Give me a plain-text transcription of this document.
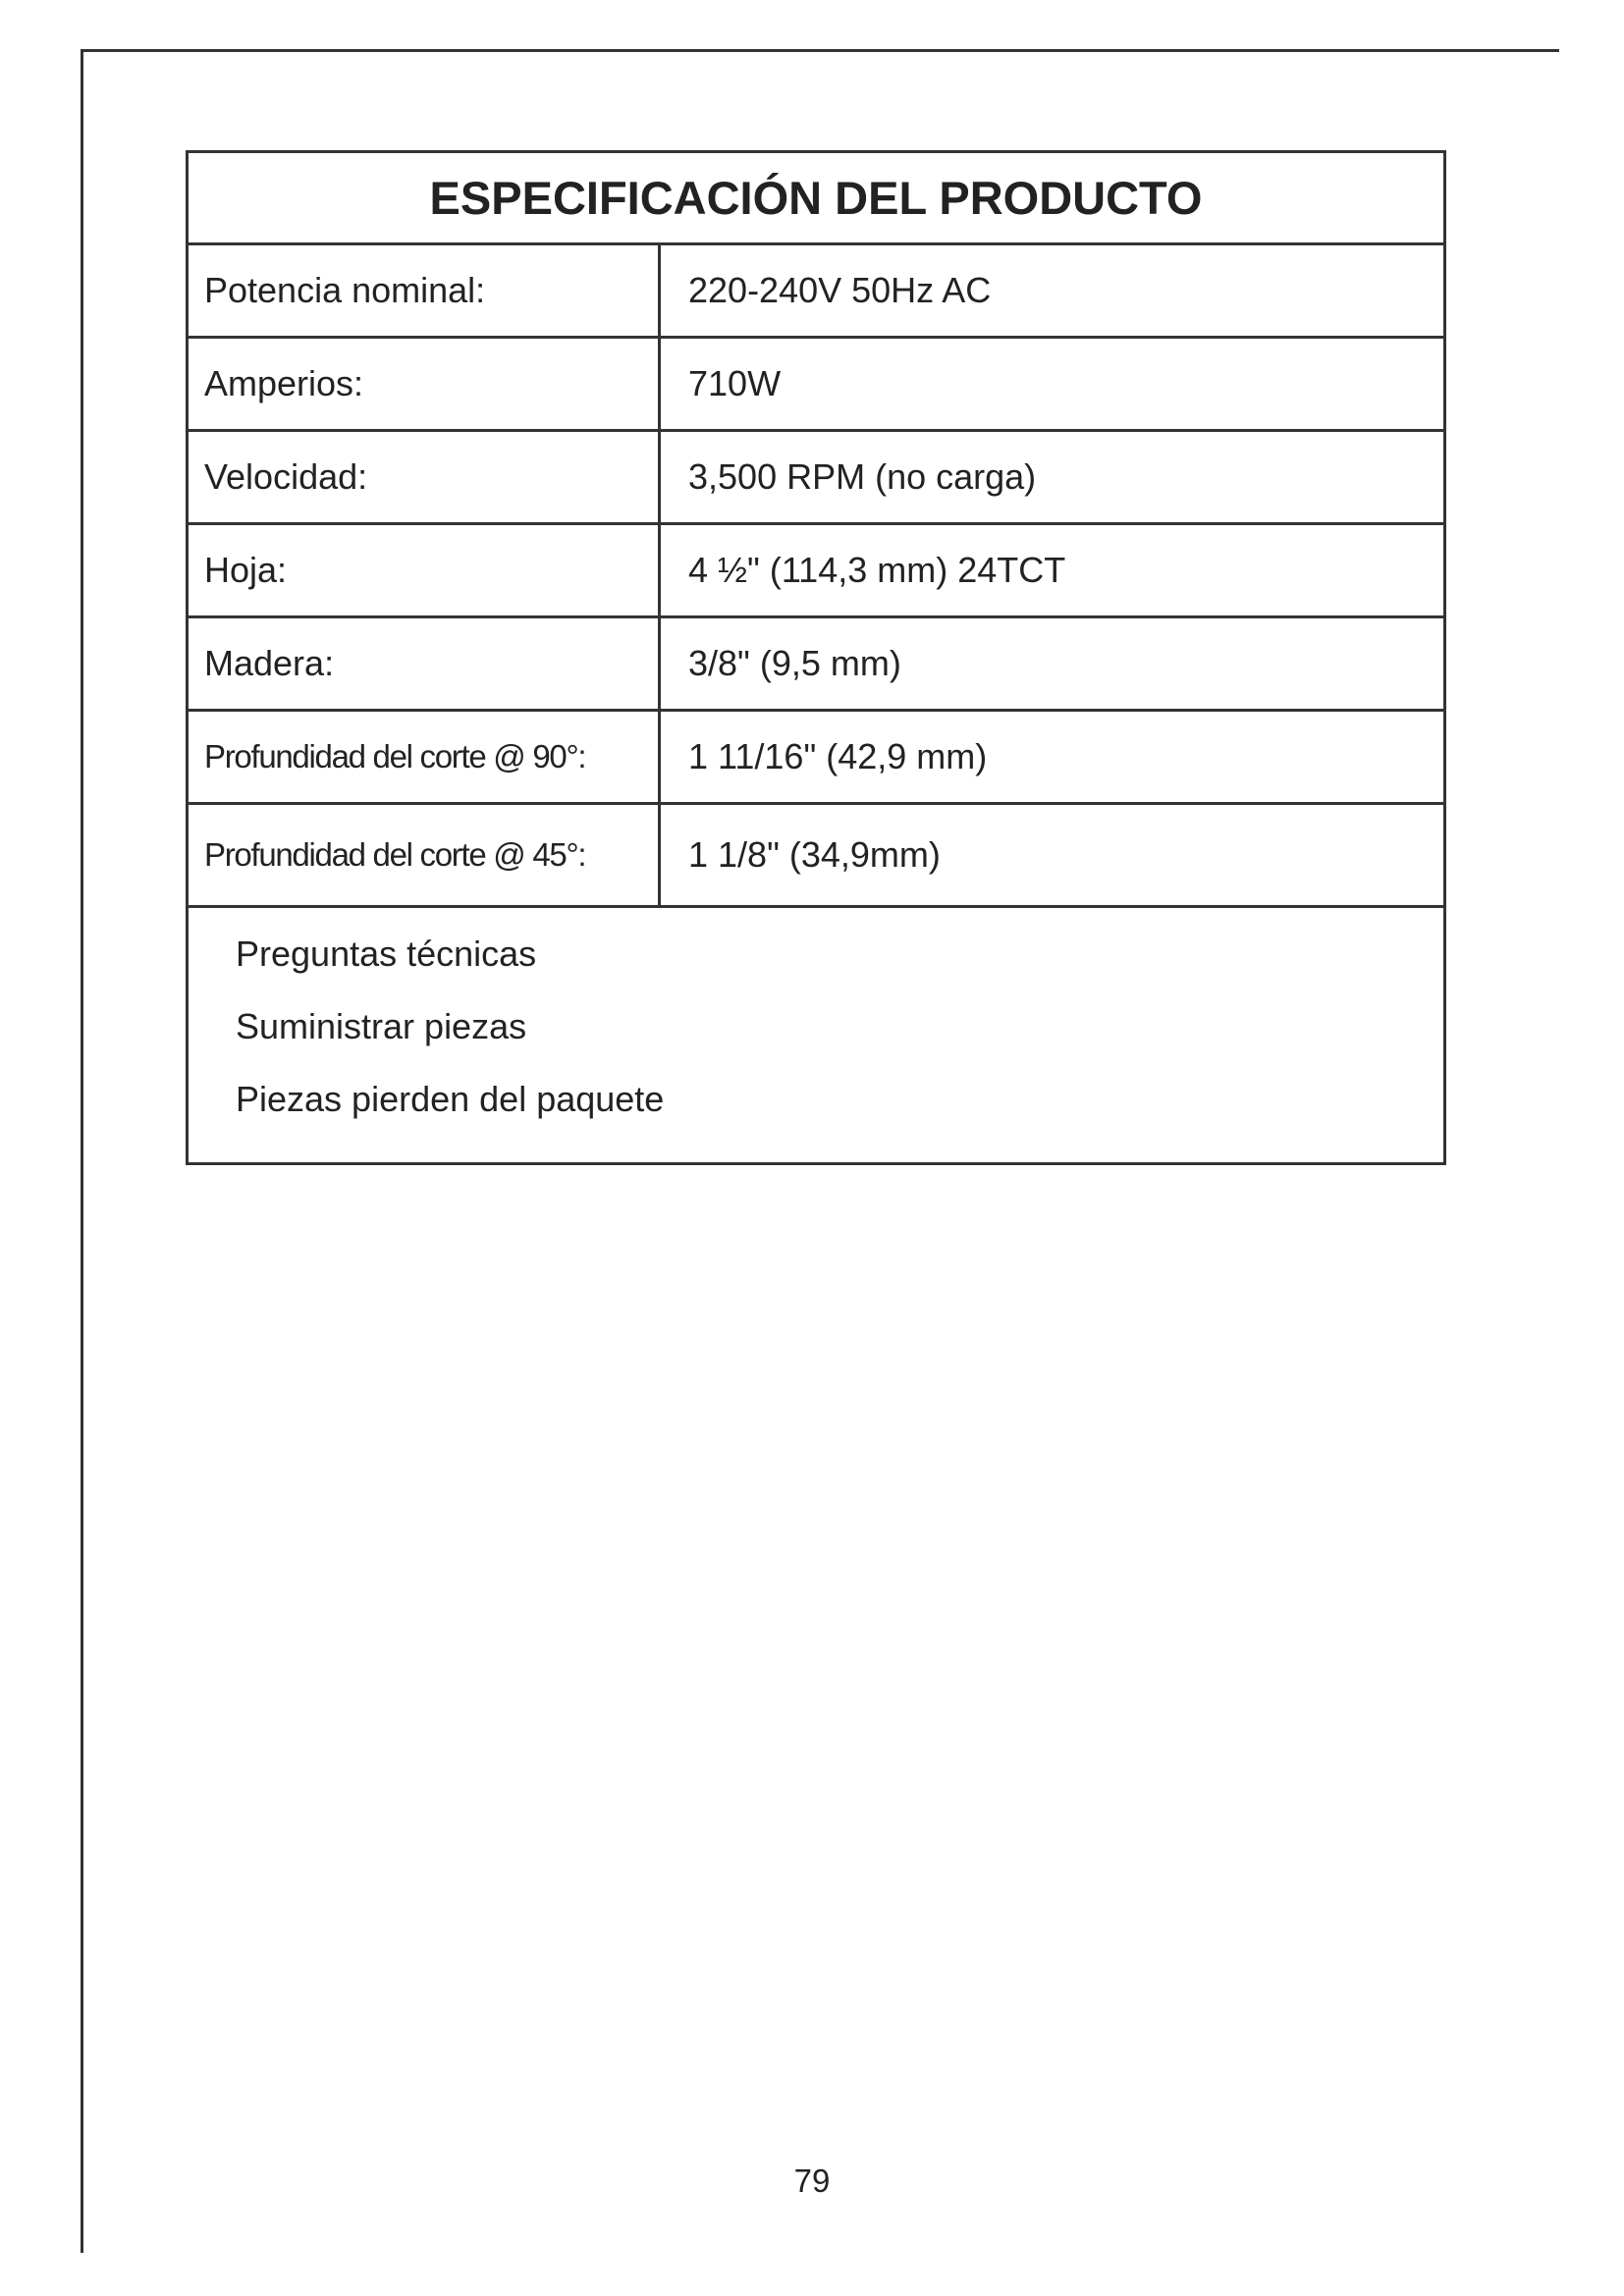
ESPECIFICACIÓN DEL PRODUCTO
Potencia nominal:	220-240V 50Hz AC
Amperios:	710W
Velocidad:	3,500 RPM (no carga)
Hoja:	4 ½" (114,3 mm) 24TCT
Madera:	3/8" (9,5 mm)
Profundidad del corte @ 90°:	1 11/16" (42,9 mm)
Profundidad del corte @ 45°:	1 1/8" (34,9mm)
Preguntas técnicas
Suministrar piezas
Piezas pierden del paquete
79
